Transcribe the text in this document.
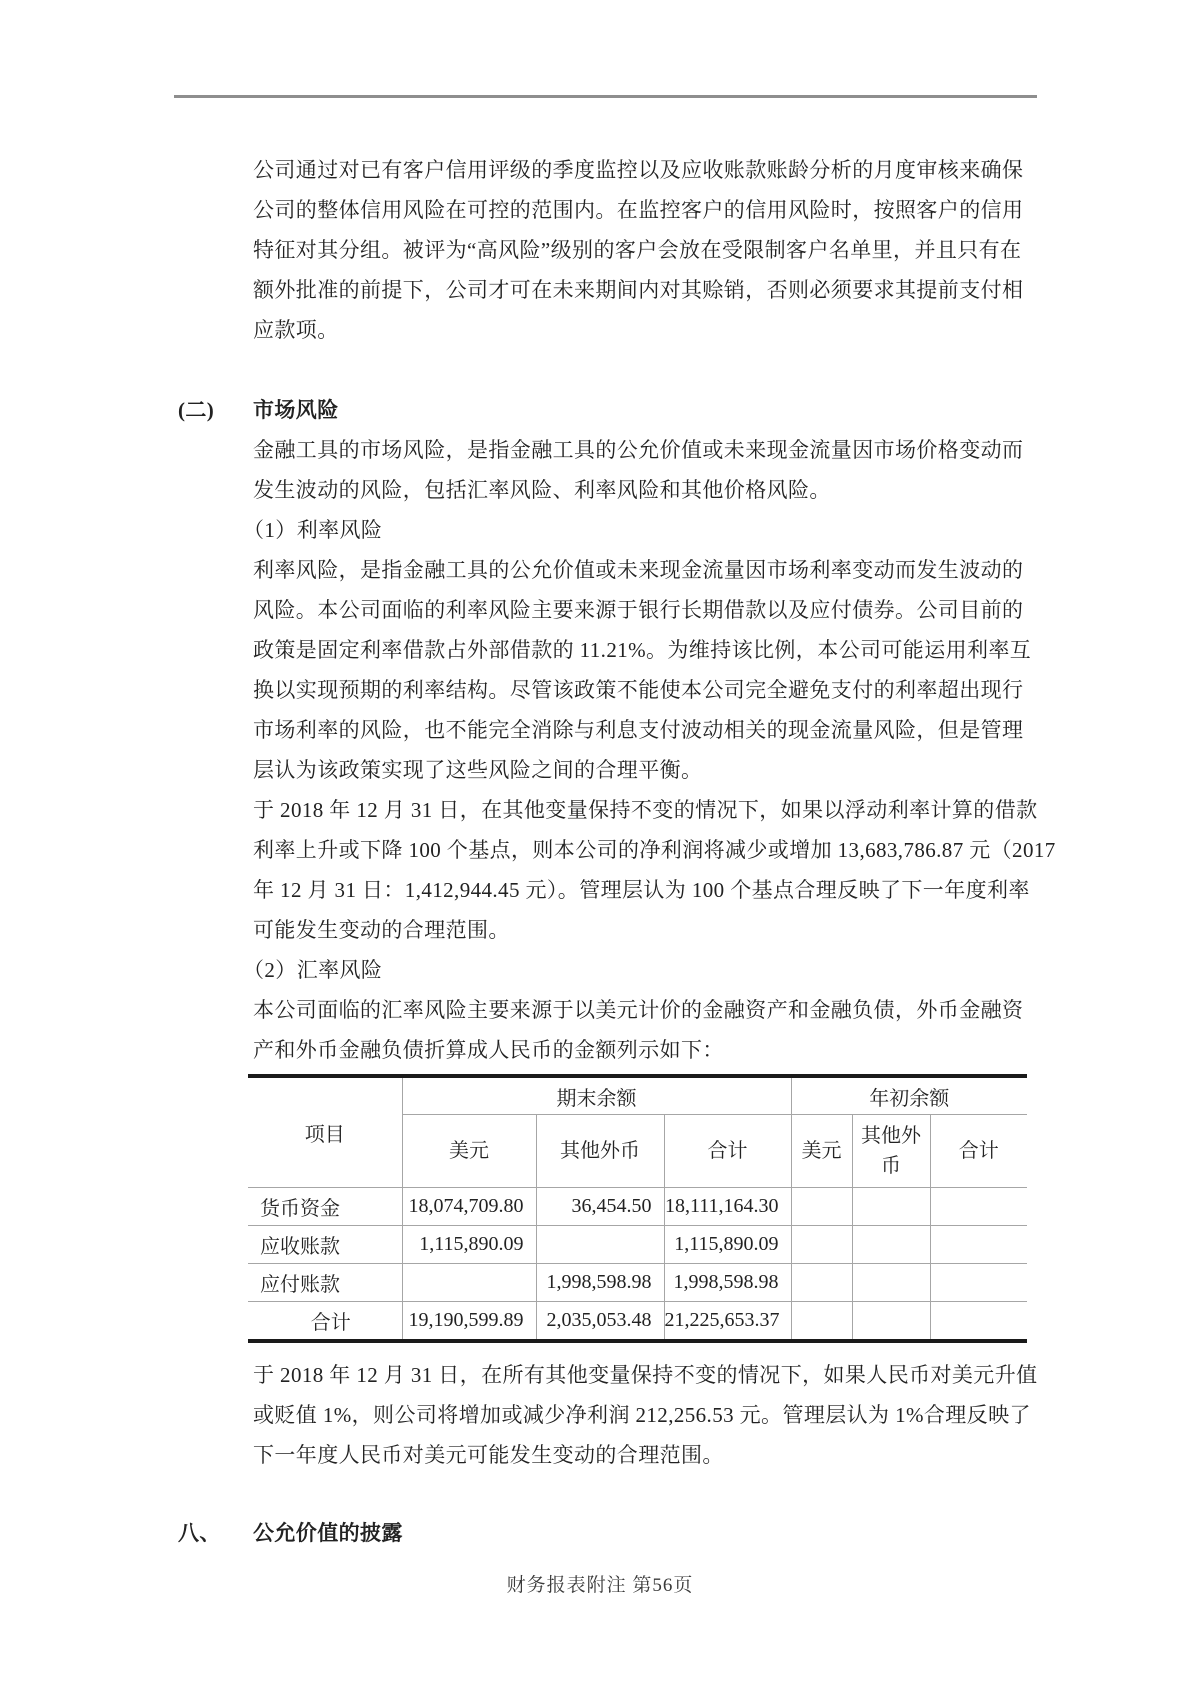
公司通过对已有客户信用评级的季度监控以及应收账款账龄分析的月度审核来确保
公司的整体信用风险在可控的范围内。在监控客户的信用风险时，按照客户的信用
特征对其分组。被评为“高风险”级别的客户会放在受限制客户名单里，并且只有在
额外批准的前提下，公司才可在未来期间内对其赊销，否则必须要求其提前支付相
应款项。
(二)	市场风险
金融工具的市场风险，是指金融工具的公允价值或未来现金流量因市场价格变动而
发生波动的风险，包括汇率风险、利率风险和其他价格风险。
（1）利率风险
利率风险，是指金融工具的公允价值或未来现金流量因市场利率变动而发生波动的
风险。本公司面临的利率风险主要来源于银行长期借款以及应付债券。公司目前的
政策是固定利率借款占外部借款的 11.21%。为维持该比例，本公司可能运用利率互
换以实现预期的利率结构。尽管该政策不能使本公司完全避免支付的利率超出现行
市场利率的风险，也不能完全消除与利息支付波动相关的现金流量风险，但是管理
层认为该政策实现了这些风险之间的合理平衡。
于 2018 年 12 月 31 日，在其他变量保持不变的情况下，如果以浮动利率计算的借款
利率上升或下降 100 个基点，则本公司的净利润将减少或增加 13,683,786.87 元（2017
年 12 月 31 日：1,412,944.45 元）。管理层认为 100 个基点合理反映了下一年度利率
可能发生变动的合理范围。
（2）汇率风险
本公司面临的汇率风险主要来源于以美元计价的金融资产和金融负债，外币金融资
产和外币金融负债折算成人民币的金额列示如下：
项目	期末余额			年初余额		
	美元	其他外币	合计	美元	其他外币	合计
货币资金	18,074,709.80	36,454.50	18,111,164.30			
应收账款	1,115,890.09		1,115,890.09			
应付账款		1,998,598.98	1,998,598.98			
合计	19,190,599.89	2,035,053.48	21,225,653.37			
于 2018 年 12 月 31 日，在所有其他变量保持不变的情况下，如果人民币对美元升值
或贬值 1%，则公司将增加或减少净利润 212,256.53 元。管理层认为 1%合理反映了
下一年度人民币对美元可能发生变动的合理范围。
八、	公允价值的披露
财务报表附注 第56页
